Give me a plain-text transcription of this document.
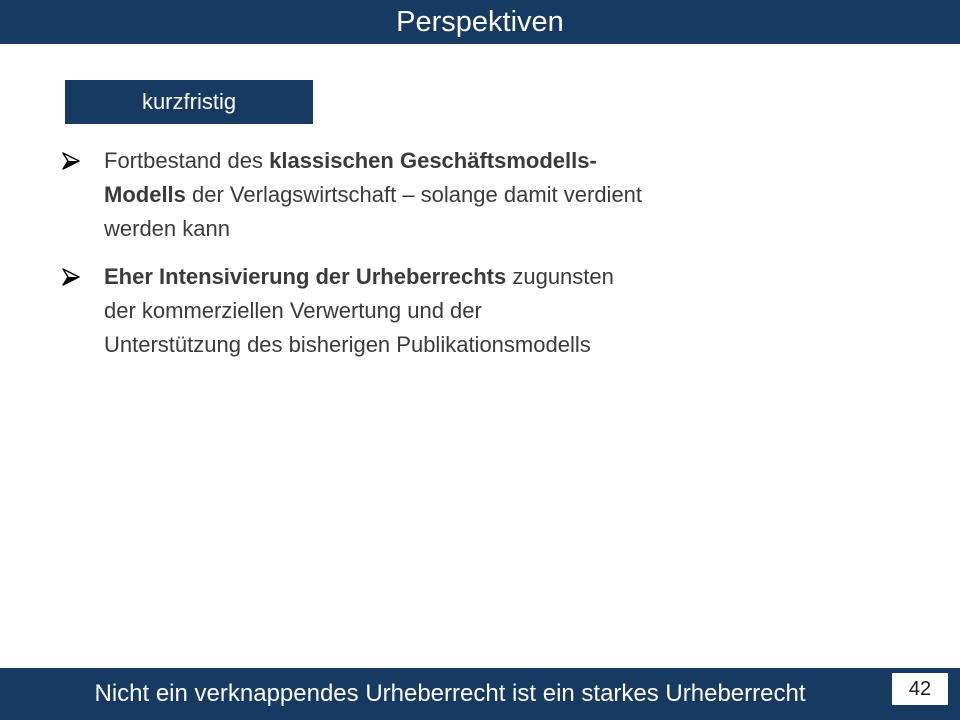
Perspektiven
kurzfristig
Fortbestand des klassischen Geschäftsmodells-
Modells der Verlagswirtschaft – solange damit verdient
werden kann
Eher Intensivierung der Urheberrechts zugunsten
der kommerziellen Verwertung und der
Unterstützung des bisherigen Publikationsmodells
Nicht ein verknappendes Urheberrecht ist ein starkes Urheberrecht	42
